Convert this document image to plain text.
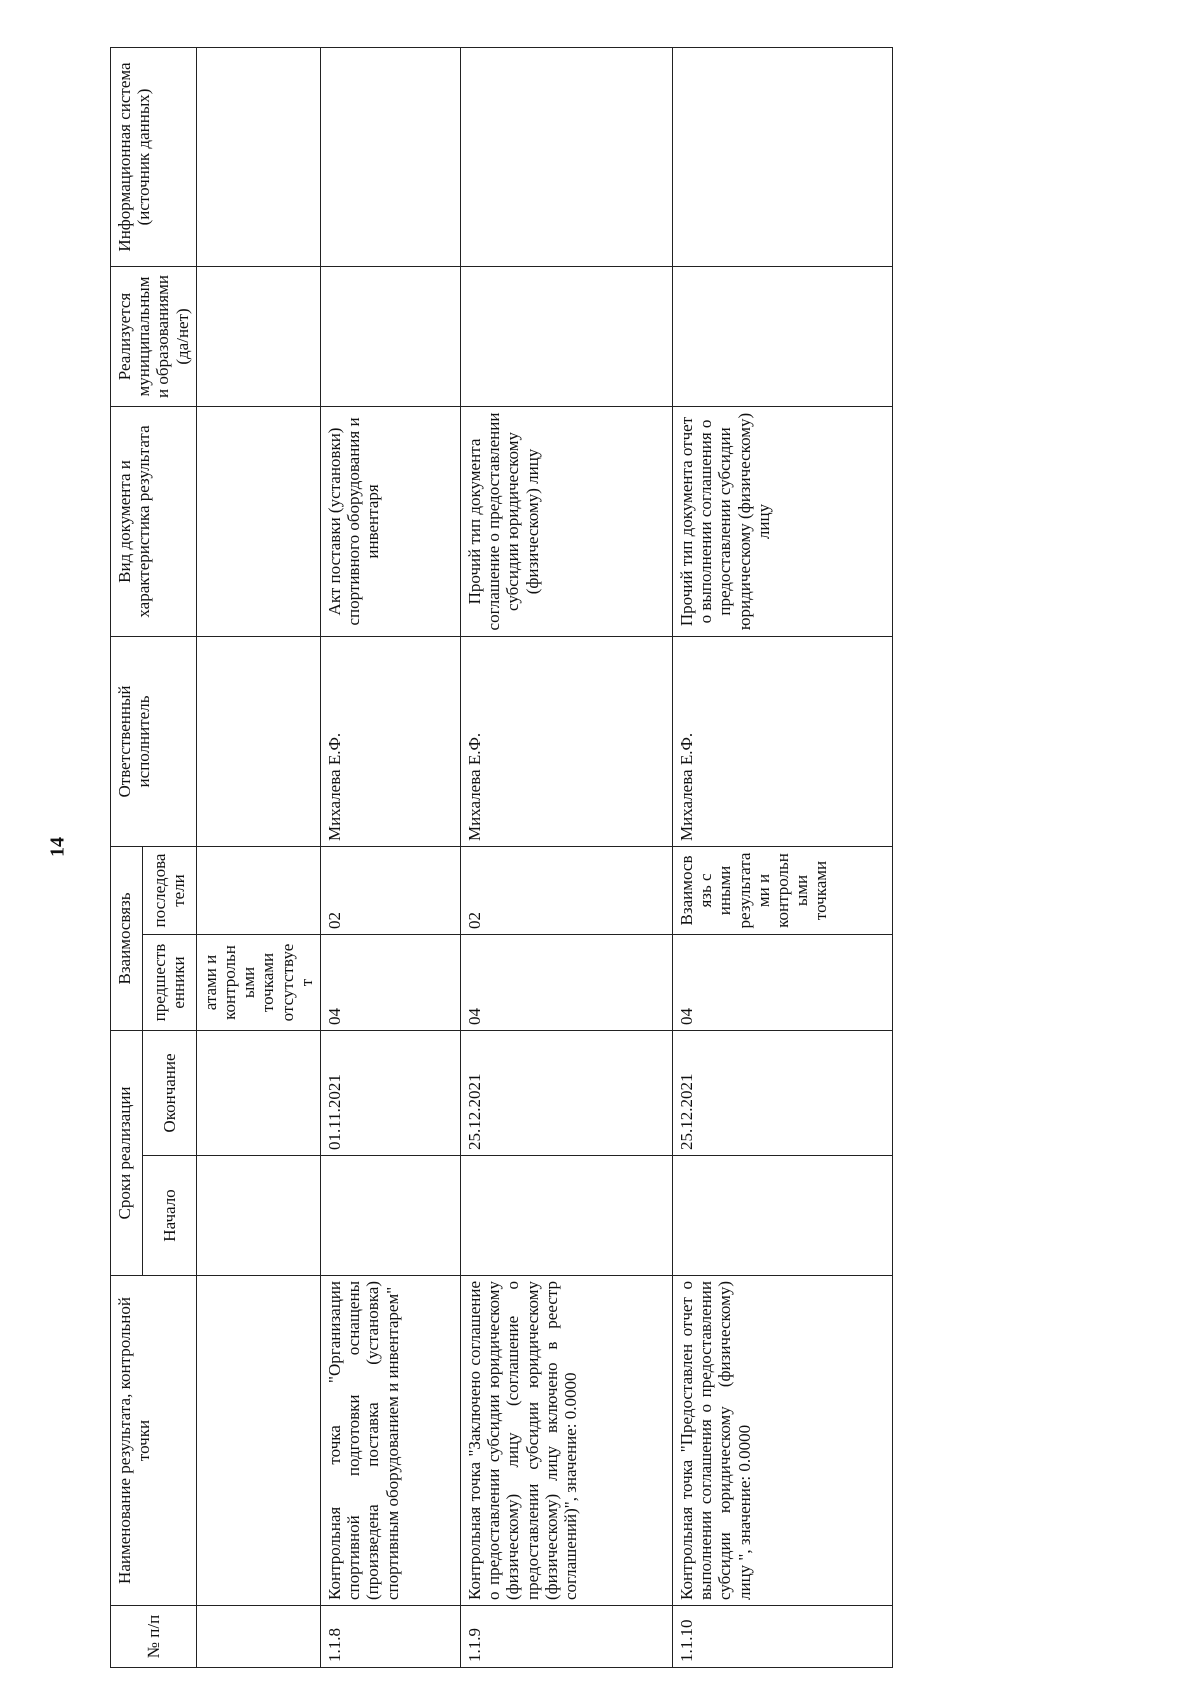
14
№ п/п	Наименование результата, контрольной точки	Сроки реализации		Взаимосвязь		Ответственный исполнитель	Вид документа и характеристика результата	Реализуется муниципальными образованиями (да/нет)	Информационная система (источник данных)
		Начало	Окончание	предшественники	последователи				
				атами и контрольными точками отсутствует					
1.1.8	Контрольная точка "Организации спортивной подготовки оснащены (произведена поставка (установка) спортивным оборудованием и инвентарем"		01.11.2021	04	02	Михалева Е.Ф.	Акт поставки (установки) спортивного оборудования и инвентаря		
1.1.9	Контрольная точка "Заключено соглашение о предоставлении субсидии юридическому (физическому) лицу (соглашение о предоставлении субсидии юридическому (физическому) лицу включено в реестр соглашений)", значение: 0.0000		25.12.2021	04	02	Михалева Е.Ф.	Прочий тип документа соглашение о предоставлении субсидии юридическому (физическому) лицу		
1.1.10	Контрольная точка "Предоставлен отчет о выполнении соглашения о предоставлении субсидии юридическому (физическому) лицу ", значение: 0.0000		25.12.2021	04	Взаимосвязь с иными результатами и контрольными точками	Михалева Е.Ф.	Прочий тип документа отчет о выполнении соглашения о предоставлении субсидии юридическому (физическому) лицу		
